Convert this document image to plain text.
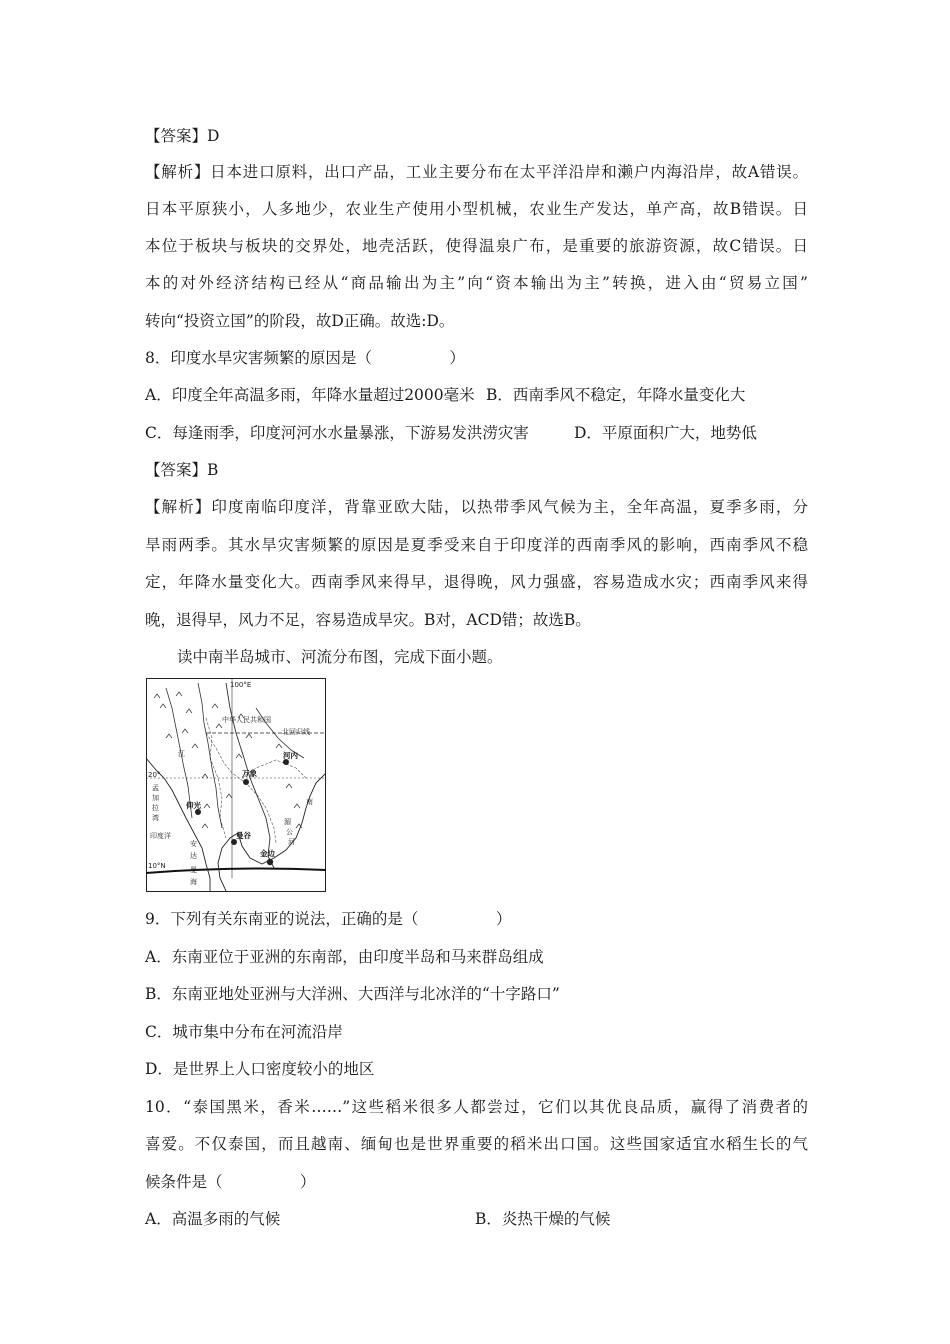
【答案】D
【解析】日本进口原料，出口产品，工业主要分布在太平洋沿岸和濑户内海沿岸，故A错误。
日本平原狭小，人多地少，农业生产使用小型机械，农业生产发达，单产高，故B错误。日
本位于板块与板块的交界处，地壳活跃，使得温泉广布，是重要的旅游资源，故C错误。日
本的对外经济结构已经从“商品输出为主”向“资本输出为主”转换，进入由“贸易立国”
转向“投资立国”的阶段，故D正确。故选:D。
8．印度水旱灾害频繁的原因是（　　　　　）
A．印度全年高温多雨，年降水量超过2000毫米 B．西南季风不稳定，年降水量变化大
C．每逢雨季，印度河河水水量暴涨，下游易发洪涝灾害	D．平原面积广大，地势低
【答案】B
【解析】印度南临印度洋，背靠亚欧大陆，以热带季风气候为主，全年高温，夏季多雨，分
旱雨两季。其水旱灾害频繁的原因是夏季受来自于印度洋的西南季风的影响，西南季风不稳
定，年降水量变化大。西南季风来得早，退得晚，风力强盛，容易造成水灾；西南季风来得
晚，退得早，风力不足，容易造成旱灾。B对，ACD错；故选B。
读中南半岛城市、河流分布图，完成下面小题。
100°E
中华人民共和国
北回归线
河内
江
20°
孟
加
拉
湾
仰光
万象
南
湄
公
河
印度洋	曼谷
金边
安
达
曼
海
10°N
9．下列有关东南亚的说法，正确的是（　　　　　）
A．东南亚位于亚洲的东南部，由印度半岛和马来群岛组成
B．东南亚地处亚洲与大洋洲、大西洋与北冰洋的“十字路口”
C．城市集中分布在河流沿岸
D．是世界上人口密度较小的地区
10．“泰国黑米，香米……”这些稻米很多人都尝过，它们以其优良品质，赢得了消费者的
喜爱。不仅泰国，而且越南、缅甸也是世界重要的稻米出口国。这些国家适宜水稻生长的气
候条件是（　　　　　）
A．高温多雨的气候	B．炎热干燥的气候
